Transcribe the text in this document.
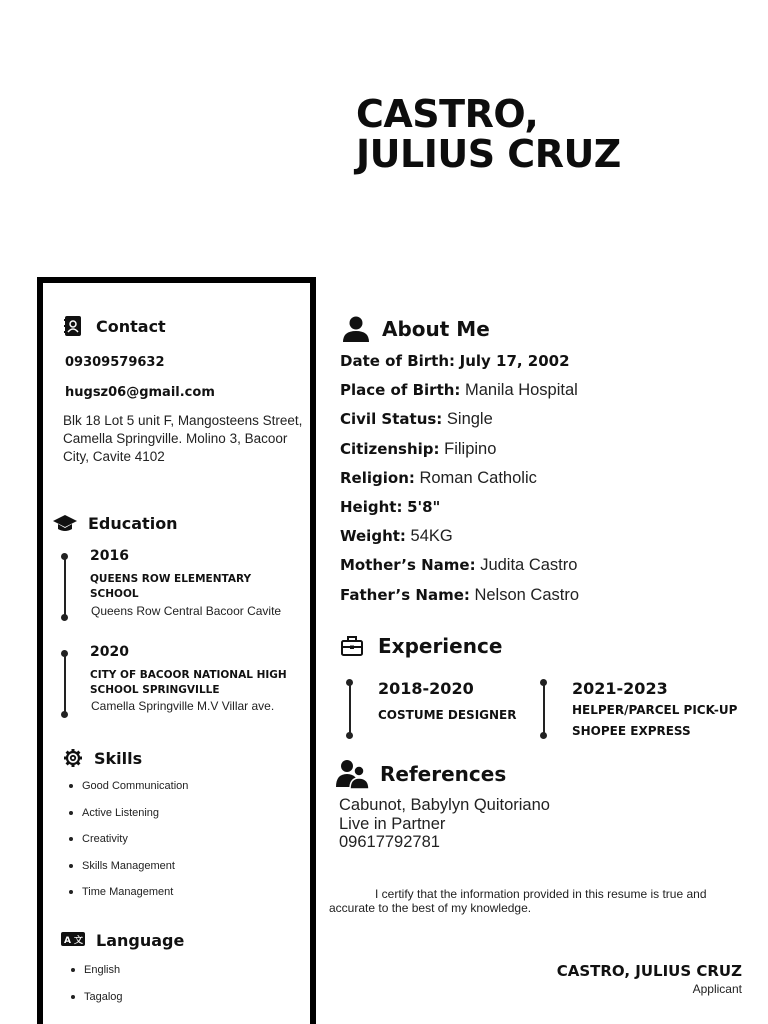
CASTRO,
JULIUS CRUZ
Contact
09309579632
hugsz06@gmail.com
Blk 18 Lot 5 unit F, Mangosteens Street, Camella Springville. Molino 3, Bacoor City, Cavite 4102
Education
2016
QUEENS ROW ELEMENTARY SCHOOL
Queens Row Central Bacoor Cavite
2020
CITY OF BACOOR NATIONAL HIGH SCHOOL SPRINGVILLE
Camella Springville M.V Villar ave.
Skills
Good Communication
Active Listening
Creativity
Skills Management
Time Management
A 文 Language
English
Tagalog
About Me
Date of Birth: July 17, 2002
Place of Birth: Manila Hospital
Civil Status: Single
Citizenship: Filipino
Religion: Roman Catholic
Height: 5'8"
Weight: 54KG
Mother’s Name: Judita Castro
Father’s Name: Nelson Castro
Experience
2018-2020
COSTUME DESIGNER
2021-2023
HELPER/PARCEL PICK-UP
SHOPEE EXPRESS
References
Cabunot, Babylyn Quitoriano
Live in Partner
09617792781
I certify that the information provided in this resume is true and accurate to the best of my knowledge.
CASTRO, JULIUS CRUZ
Applicant
